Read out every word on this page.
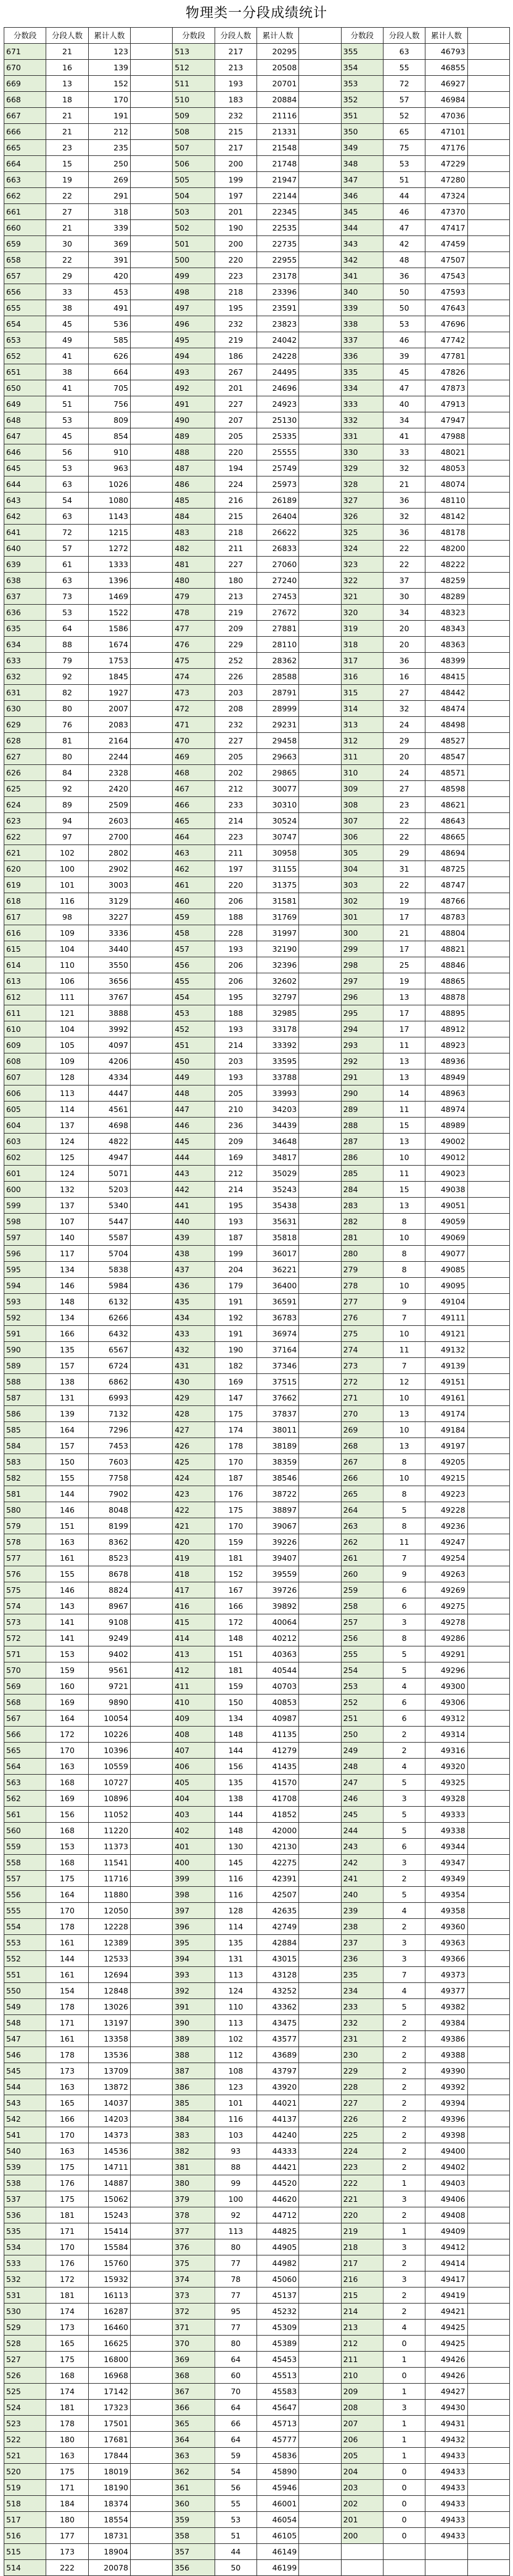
物理类一分段成绩统计
分数段	分段人数	累计人数		分数段	分段人数	累计人数		分数段	分段人数	累计人数	
671	21	123		513	217	20295		355	63	46793	
670	16	139		512	213	20508		354	55	46855	
669	13	152		511	193	20701		353	72	46927	
668	18	170		510	183	20884		352	57	46984	
667	21	191		509	232	21116		351	52	47036	
666	21	212		508	215	21331		350	65	47101	
665	23	235		507	217	21548		349	75	47176	
664	15	250		506	200	21748		348	53	47229	
663	19	269		505	199	21947		347	51	47280	
662	22	291		504	197	22144		346	44	47324	
661	27	318		503	201	22345		345	46	47370	
660	21	339		502	190	22535		344	47	47417	
659	30	369		501	200	22735		343	42	47459	
658	22	391		500	220	22955		342	48	47507	
657	29	420		499	223	23178		341	36	47543	
656	33	453		498	218	23396		340	50	47593	
655	38	491		497	195	23591		339	50	47643	
654	45	536		496	232	23823		338	53	47696	
653	49	585		495	219	24042		337	46	47742	
652	41	626		494	186	24228		336	39	47781	
651	38	664		493	267	24495		335	45	47826	
650	41	705		492	201	24696		334	47	47873	
649	51	756		491	227	24923		333	40	47913	
648	53	809		490	207	25130		332	34	47947	
647	45	854		489	205	25335		331	41	47988	
646	56	910		488	220	25555		330	33	48021	
645	53	963		487	194	25749		329	32	48053	
644	63	1026		486	224	25973		328	21	48074	
643	54	1080		485	216	26189		327	36	48110	
642	63	1143		484	215	26404		326	32	48142	
641	72	1215		483	218	26622		325	36	48178	
640	57	1272		482	211	26833		324	22	48200	
639	61	1333		481	227	27060		323	22	48222	
638	63	1396		480	180	27240		322	37	48259	
637	73	1469		479	213	27453		321	30	48289	
636	53	1522		478	219	27672		320	34	48323	
635	64	1586		477	209	27881		319	20	48343	
634	88	1674		476	229	28110		318	20	48363	
633	79	1753		475	252	28362		317	36	48399	
632	92	1845		474	226	28588		316	16	48415	
631	82	1927		473	203	28791		315	27	48442	
630	80	2007		472	208	28999		314	32	48474	
629	76	2083		471	232	29231		313	24	48498	
628	81	2164		470	227	29458		312	29	48527	
627	80	2244		469	205	29663		311	20	48547	
626	84	2328		468	202	29865		310	24	48571	
625	92	2420		467	212	30077		309	27	48598	
624	89	2509		466	233	30310		308	23	48621	
623	94	2603		465	214	30524		307	22	48643	
622	97	2700		464	223	30747		306	22	48665	
621	102	2802		463	211	30958		305	29	48694	
620	100	2902		462	197	31155		304	31	48725	
619	101	3003		461	220	31375		303	22	48747	
618	116	3129		460	206	31581		302	19	48766	
617	98	3227		459	188	31769		301	17	48783	
616	109	3336		458	228	31997		300	21	48804	
615	104	3440		457	193	32190		299	17	48821	
614	110	3550		456	206	32396		298	25	48846	
613	106	3656		455	206	32602		297	19	48865	
612	111	3767		454	195	32797		296	13	48878	
611	121	3888		453	188	32985		295	17	48895	
610	104	3992		452	193	33178		294	17	48912	
609	105	4097		451	214	33392		293	11	48923	
608	109	4206		450	203	33595		292	13	48936	
607	128	4334		449	193	33788		291	13	48949	
606	113	4447		448	205	33993		290	14	48963	
605	114	4561		447	210	34203		289	11	48974	
604	137	4698		446	236	34439		288	15	48989	
603	124	4822		445	209	34648		287	13	49002	
602	125	4947		444	169	34817		286	10	49012	
601	124	5071		443	212	35029		285	11	49023	
600	132	5203		442	214	35243		284	15	49038	
599	137	5340		441	195	35438		283	13	49051	
598	107	5447		440	193	35631		282	8	49059	
597	140	5587		439	187	35818		281	10	49069	
596	117	5704		438	199	36017		280	8	49077	
595	134	5838		437	204	36221		279	8	49085	
594	146	5984		436	179	36400		278	10	49095	
593	148	6132		435	191	36591		277	9	49104	
592	134	6266		434	192	36783		276	7	49111	
591	166	6432		433	191	36974		275	10	49121	
590	135	6567		432	190	37164		274	11	49132	
589	157	6724		431	182	37346		273	7	49139	
588	138	6862		430	169	37515		272	12	49151	
587	131	6993		429	147	37662		271	10	49161	
586	139	7132		428	175	37837		270	13	49174	
585	164	7296		427	174	38011		269	10	49184	
584	157	7453		426	178	38189		268	13	49197	
583	150	7603		425	170	38359		267	8	49205	
582	155	7758		424	187	38546		266	10	49215	
581	144	7902		423	176	38722		265	8	49223	
580	146	8048		422	175	38897		264	5	49228	
579	151	8199		421	170	39067		263	8	49236	
578	163	8362		420	159	39226		262	11	49247	
577	161	8523		419	181	39407		261	7	49254	
576	155	8678		418	152	39559		260	9	49263	
575	146	8824		417	167	39726		259	6	49269	
574	143	8967		416	166	39892		258	6	49275	
573	141	9108		415	172	40064		257	3	49278	
572	141	9249		414	148	40212		256	8	49286	
571	153	9402		413	151	40363		255	5	49291	
570	159	9561		412	181	40544		254	5	49296	
569	160	9721		411	159	40703		253	4	49300	
568	169	9890		410	150	40853		252	6	49306	
567	164	10054		409	134	40987		251	6	49312	
566	172	10226		408	148	41135		250	2	49314	
565	170	10396		407	144	41279		249	2	49316	
564	163	10559		406	156	41435		248	4	49320	
563	168	10727		405	135	41570		247	5	49325	
562	169	10896		404	138	41708		246	3	49328	
561	156	11052		403	144	41852		245	5	49333	
560	168	11220		402	148	42000		244	5	49338	
559	153	11373		401	130	42130		243	6	49344	
558	168	11541		400	145	42275		242	3	49347	
557	175	11716		399	116	42391		241	2	49349	
556	164	11880		398	116	42507		240	5	49354	
555	170	12050		397	128	42635		239	4	49358	
554	178	12228		396	114	42749		238	2	49360	
553	161	12389		395	135	42884		237	3	49363	
552	144	12533		394	131	43015		236	3	49366	
551	161	12694		393	113	43128		235	7	49373	
550	154	12848		392	124	43252		234	4	49377	
549	178	13026		391	110	43362		233	5	49382	
548	171	13197		390	113	43475		232	2	49384	
547	161	13358		389	102	43577		231	2	49386	
546	178	13536		388	112	43689		230	2	49388	
545	173	13709		387	108	43797		229	2	49390	
544	163	13872		386	123	43920		228	2	49392	
543	165	14037		385	101	44021		227	2	49394	
542	166	14203		384	116	44137		226	2	49396	
541	170	14373		383	103	44240		225	2	49398	
540	163	14536		382	93	44333		224	2	49400	
539	175	14711		381	88	44421		223	2	49402	
538	176	14887		380	99	44520		222	1	49403	
537	175	15062		379	100	44620		221	3	49406	
536	181	15243		378	92	44712		220	2	49408	
535	171	15414		377	113	44825		219	1	49409	
534	170	15584		376	80	44905		218	3	49412	
533	176	15760		375	77	44982		217	2	49414	
532	172	15932		374	78	45060		216	3	49417	
531	181	16113		373	77	45137		215	2	49419	
530	174	16287		372	95	45232		214	2	49421	
529	173	16460		371	77	45309		213	4	49425	
528	165	16625		370	80	45389		212	0	49425	
527	175	16800		369	64	45453		211	1	49426	
526	168	16968		368	60	45513		210	0	49426	
525	174	17142		367	70	45583		209	1	49427	
524	181	17323		366	64	45647		208	3	49430	
523	178	17501		365	66	45713		207	1	49431	
522	180	17681		364	64	45777		206	1	49432	
521	163	17844		363	59	45836		205	1	49433	
520	175	18019		362	54	45890		204	0	49433	
519	171	18190		361	56	45946		203	0	49433	
518	184	18374		360	55	46001		202	0	49433	
517	180	18554		359	53	46054		201	0	49433	
516	177	18731		358	51	46105		200	0	49433	
515	173	18904		357	44	46149					
514	222	20078		356	50	46199					
